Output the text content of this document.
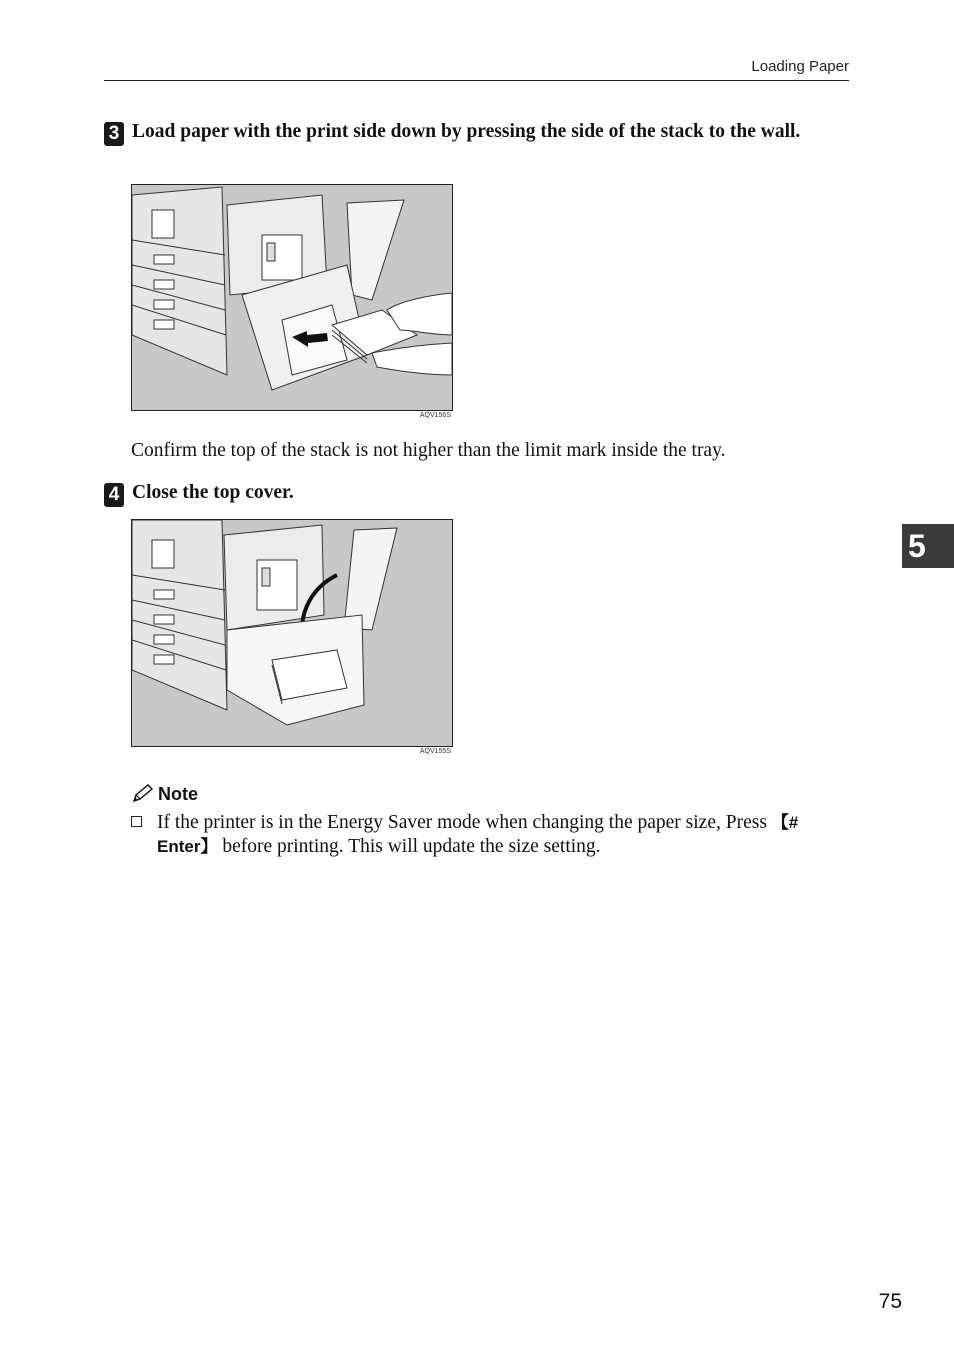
Loading Paper
3 Load paper with the print side down by pressing the side of the stack to the wall.
AQV156S
Confirm the top of the stack is not higher than the limit mark inside the tray.
4 Close the top cover.
AQV155S
Note
If the printer is in the Energy Saver mode when changing the paper size, Press 【# Enter】 before printing. This will update the size setting.
5
75
